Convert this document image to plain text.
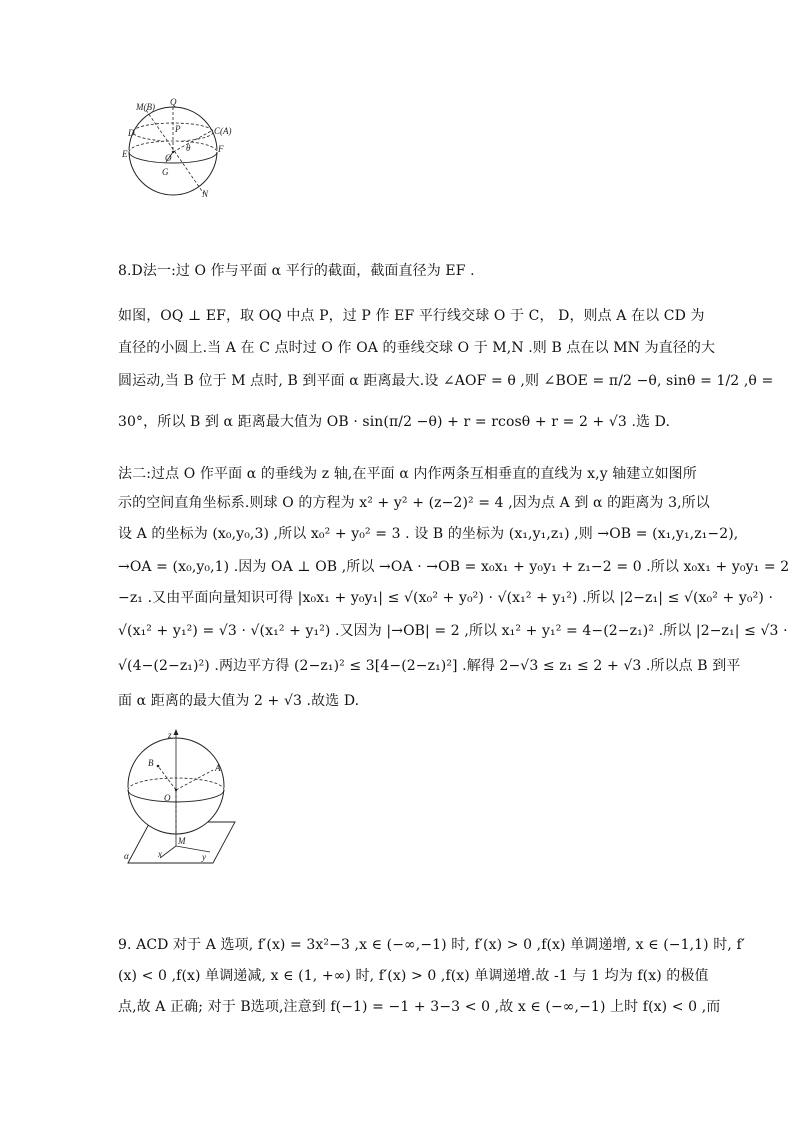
M(B) Q
D	P	C(A)
E	F
O
θ
G
N
8.D法一:过 O 作与平面 α 平行的截面，截面直径为 EF .
如图，OQ ⊥ EF，取 OQ 中点 P，过 P 作 EF 平行线交球 O 于 C， D，则点 A 在以 CD 为
直径的小圆上.当 A 在 C 点时过 O 作 OA 的垂线交球 O 于 M,N .则 B 点在以 MN 为直径的大
圆运动,当 B 位于 M 点时, B 到平面 α 距离最大.设 ∠AOF = θ ,则 ∠BOE = π/2 −θ, sinθ = 1/2 ,θ =
30°，所以 B 到 α 距离最大值为 OB · sin(π/2 −θ) + r = rcosθ + r = 2 + √3 .选 D.
法二:过点 O 作平面 α 的垂线为 z 轴,在平面 α 内作两条互相垂直的直线为 x,y 轴建立如图所
示的空间直角坐标系.则球 O 的方程为 x² + y² + (z−2)² = 4 ,因为点 A 到 α 的距离为 3,所以
设 A 的坐标为 (x₀,y₀,3) ,所以 x₀² + y₀² = 3 . 设 B 的坐标为 (x₁,y₁,z₁) ,则 →OB = (x₁,y₁,z₁−2),
→OA = (x₀,y₀,1) .因为 OA ⊥ OB ,所以 →OA · →OB = x₀x₁ + y₀y₁ + z₁−2 = 0 .所以 x₀x₁ + y₀y₁ = 2
−z₁ .又由平面向量知识可得 |x₀x₁ + y₀y₁| ≤ √(x₀² + y₀²) · √(x₁² + y₁²) .所以 |2−z₁| ≤ √(x₀² + y₀²) ·
√(x₁² + y₁²) = √3 · √(x₁² + y₁²) .又因为 |→OB| = 2 ,所以 x₁² + y₁² = 4−(2−z₁)² .所以 |2−z₁| ≤ √3 ·
√(4−(2−z₁)²) .两边平方得 (2−z₁)² ≤ 3[4−(2−z₁)²] .解得 2−√3 ≤ z₁ ≤ 2 + √3 .所以点 B 到平
面 α 距离的最大值为 2 + √3 .故选 D.
z
B	A
O
M
α	x	y
9. ACD 对于 A 选项, f′(x) = 3x²−3 ,x ∈ (−∞,−1) 时, f′(x) > 0 ,f(x) 单调递增, x ∈ (−1,1) 时, f′
(x) < 0 ,f(x) 单调递减, x ∈ (1, +∞) 时, f′(x) > 0 ,f(x) 单调递增.故 -1 与 1 均为 f(x) 的极值
点,故 A 正确; 对于 B选项,注意到 f(−1) = −1 + 3−3 < 0 ,故 x ∈ (−∞,−1) 上时 f(x) < 0 ,而
